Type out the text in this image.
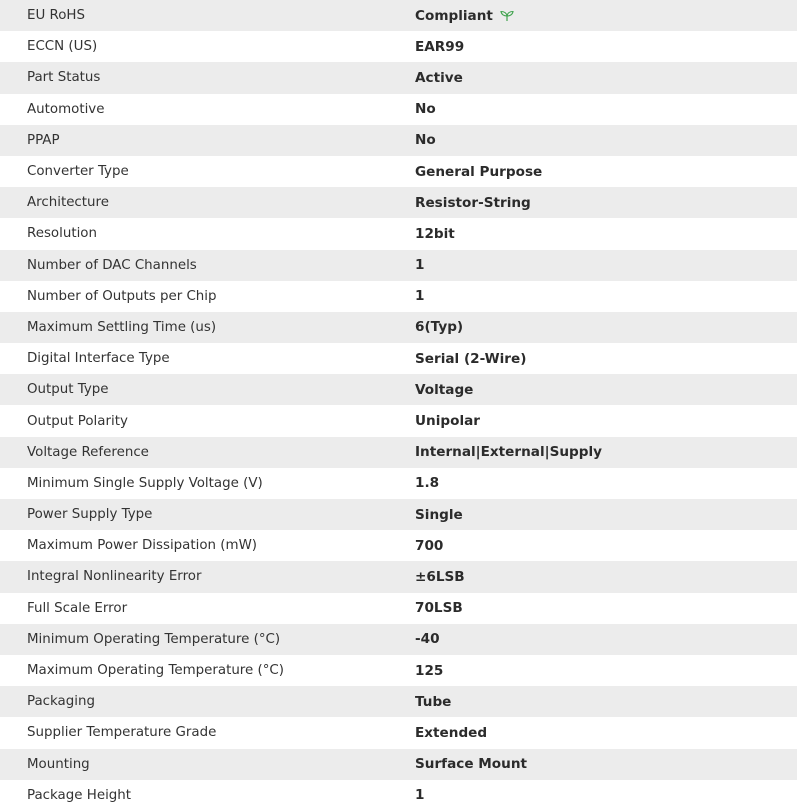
EU RoHS	Compliant
ECCN (US)	EAR99
Part Status	Active
Automotive	No
PPAP	No
Converter Type	General Purpose
Architecture	Resistor-String
Resolution	12bit
Number of DAC Channels	1
Number of Outputs per Chip	1
Maximum Settling Time (us)	6(Typ)
Digital Interface Type	Serial (2-Wire)
Output Type	Voltage
Output Polarity	Unipolar
Voltage Reference	Internal|External|Supply
Minimum Single Supply Voltage (V)	1.8
Power Supply Type	Single
Maximum Power Dissipation (mW)	700
Integral Nonlinearity Error	±6LSB
Full Scale Error	70LSB
Minimum Operating Temperature (°C)	-40
Maximum Operating Temperature (°C)	125
Packaging	Tube
Supplier Temperature Grade	Extended
Mounting	Surface Mount
Package Height	1
